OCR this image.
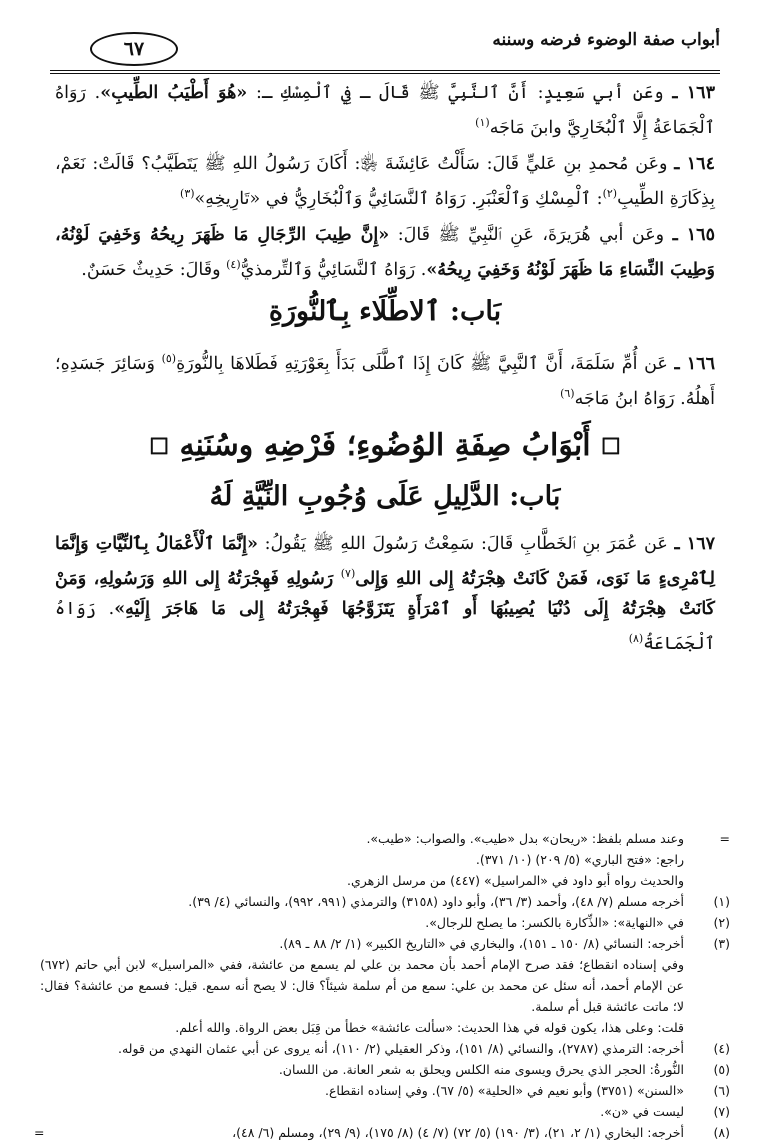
أبواب صفة الوضوء فرضه وسننه
٦٧

١٦٣ ـ وعَن أبي سَعِيدٍ: أَنَّ ٱلنَّبِيَّ ﷺ قَالَ ـ فِي ٱلْمِسْكِ ـ: «هُوَ أَطْيَبُ الطِّيبِ». رَوَاهُ ٱلْجَمَاعَةُ إِلَّا ٱلْبُخَارِيَّ وابنَ مَاجَه$^{(١)}$

١٦٤ ـ وعَن مُحمدِ بنِ عَليٍّ قَالَ: سَأَلْتُ عَائِشَةَ ﵂: أَكَانَ رَسُولُ اللهِ ﷺ يَتَطَيَّبُ؟ قَالَتْ: نَعَمْ، بِذِكَارَةِ الطِّيبِ$^{(٢)}$: ٱلْمِسْكِ وَٱلْعَنْبَرِ. رَوَاهُ ٱلنَّسَائِيُّ وَٱلْبُخَارِيُّ في «تَارِيخِهِ»$^{(٣)}$

١٦٥ ـ وعَن أبي هُرَيرَةَ، عَنِ ٱلنَّبِيِّ ﷺ قَالَ: «إِنَّ طِيبَ الرِّجَالِ مَا ظَهَرَ رِيحُهُ وَخَفِيَ لَوْنُهُ، وَطِيبَ النِّسَاءِ مَا ظَهَرَ لَوْنُهُ وَخَفِيَ رِيحُهُ». رَوَاهُ ٱلنَّسَائِيُّ وَٱلتِّرمذيُّ$^{(٤)}$ وقَالَ: حَدِيثٌ حَسَنٌ.

بَاب: ٱلاطِّلَاء بِٱلنُّورَةِ

١٦٦ ـ عَن أُمِّ سَلَمَةَ، أَنَّ ٱلنَّبِيَّ ﷺ كَانَ إِذَا ٱطَّلَى بَدَأَ بِعَوْرَتِهِ فَطَلاهَا بِالنُّورَةِ$^{(٥)}$ وَسَائِرَ جَسَدِهِ؛ أَهلُهُ. رَوَاهُ ابنُ مَاجَه$^{(٦)}$

☐ أَبْوَابُ صِفَةِ الوُضُوءِ؛ فَرْضِهِ وسُنَنِهِ ☐
بَاب: الدَّلِيلِ عَلَى وُجُوبِ النِّيَّةِ لَهُ

١٦٧ ـ عَن عُمَرَ بنِ ٱلخَطَّابِ قَالَ: سَمِعْتُ رَسُولَ اللهِ ﷺ يَقُولُ: «إِنَّمَا ٱلْأَعْمَالُ بِٱلنِّيَّاتِ وَإِنَّمَا لِٱمْرِىءٍ مَا نَوَى، فَمَنْ كَانَتْ هِجْرَتُهُ إِلى اللهِ وَإِلى$^{(٧)}$ رَسُولِهِ فَهِجْرَتُهُ إِلى اللهِ وَرَسُولِهِ، وَمَنْ كَانَتْ هِجْرَتُهُ إِلَى دُنْيَا يُصِيبُهَا أَو ٱمْرَأَةٍ يَتَزَوَّجُهَا فَهِجْرَتُهُ إِلى مَا هَاجَرَ إِلَيْهِ». رَوَاهُ ٱلْجَمَاعَةُ$^{(٨)}$

=
وعند مسلم بلفظ: «ريحان» بدل «طيب». والصواب: «طيب».
راجع: «فتح الباري» (٥/ ٢٠٩) (١٠/ ٣٧١).
والحديث رواه أبو داود في «المراسيل» (٤٤٧) من مرسل الزهري.
(١)
أخرجه مسلم (٧/ ٤٨)، وأحمد (٣/ ٣٦)، وأبو داود (٣١٥٨) والترمذي (٩٩١، ٩٩٢)، والنسائي (٤/ ٣٩).
(٢)
في «النهاية»: «الذِّكارة بالكسر: ما يصلح للرجال».
(٣)
أخرجه: النسائي (٨/ ١٥٠ ـ ١٥١)، والبخاري في «التاريخ الكبير» (١/ ٢/ ٨٨ ـ ٨٩).
وفي إسناده انقطاع؛ فقد صرح الإمام أحمد بأن محمد بن علي لم يسمع من عائشة، ففي «المراسيل» لابن أبي حاتم (٦٧٢) عن الإمام أحمد، أنه سئل عن محمد بن علي: سمع من أم سلمة شيئاً؟ قال: لا يصح أنه سمع. قيل: فسمع من عائشة؟ فقال: لا؛ ماتت عائشة قبل أم سلمة.
قلت: وعلى هذا، يكون قوله في هذا الحديث: «سألت عائشة» خطأ من قِبَل بعض الرواة. والله أعلم.
(٤)
أخرجه: الترمذي (٢٧٨٧)، والنسائي (٨/ ١٥١)، وذكر العقيلي (٢/ ١١٠)، أنه يروى عن أبي عثمان النهدي من قوله.
(٥)
النُّورةُ: الحجر الذي يحرق ويسوى منه الكلس ويحلق به شعر العانة. من اللسان.
(٦)
«السنن» (٣٧٥١) وأبو نعيم في «الحلية» (٥/ ٦٧). وفي إسناده انقطاع.
(٧)
ليست في «ن».
(٨)
أخرجه: البخاري (١/ ٢، ٢١)، (٣/ ١٩٠) (٥/ ٧٢) (٧/ ٤) (٨/ ١٧٥)، (٩/ ٢٩)، ومسلم (٦/ ٤٨)،
=
